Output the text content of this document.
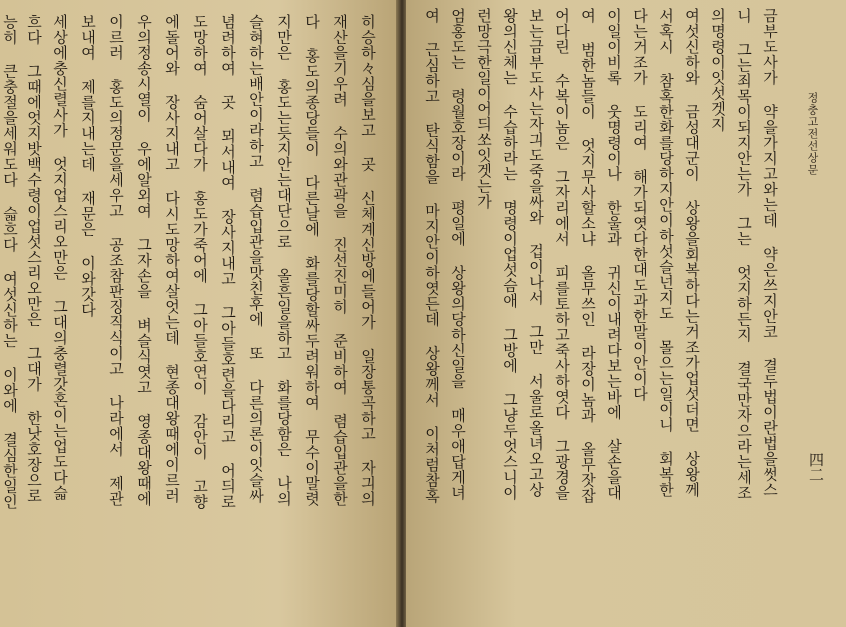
히승하々심을보고 곳 신체계신방에들어가 일장통곡하고 자긔의
재산을기우려 수의와관곽을 진선진미히 준비하여 렴습입관을한
다 홍도의종당들이 다른날에 화를당할싸두려워하여 무수이말렷
지만은 홍도는듯지안는대단으로 올흔일을하고 화를당함은 나의
슬혀하는배안이라하고 렴습입관을맛친후에 또 다른의론이잇슬싸
념려하여 곳 뫼서내여 장사지내고 그아들호련을다리고 어듸로
도망하여 숨어살다가 홍도가죽어에 그아들호연이 감안이 고향
에돌어와 장사지내고 다시도망하여살엇는데 현종대왕때에이르러
우의정송시열이 우에알외여 그자손을 벼슬식엿고 영종대왕때에
이르러 홍도의정문을세우고 공조참판징직식이고 나라에서 제관
보내여 제를지내는데 재문은 이와갓다
세상에충신렬사가 엇지업스리오만은 그대의충렬갓혼이는업도다슯
흐다 그때에엇지밧백수령이업섯스리오만은 그대가 한낫호장으로
능히 큰충절을세워도다 슯흐다 여섯신하는 이와에 결심한일인	정충고전선상문
四二
금부도사가 약을가지고와는데 약은쓰지안코 결두법이란법을썻스
니 그는죄목이되지안는가 그는 엇지하든지 결국만자으라는세조
의명령이잇섯겟지
여섯신하와 금성대군이 상왕을회복하다는거조가업섯더면 상왕께
서혹시 참혹한화를당하지안이하섯슬넌지도 몰으는일이니 회복한
다는거조가 도리여 해가되엿다한대도과한말이안이다
이일이비록 웃명령이나 한울과 귀신이내려다보는바에 살손을대
여 범한놈들이 엇지무사할소냐 올무쓰인 라장이놈과 올무잣잡
어다린 수복이놈은 그자리에서 피를토하고죽사하엿다 그광경을
보는금부도사는자긔도죽을싸와 겁이나서 그만 서울로올녀오고상
왕의신체는 수습하라는 명령이업섯슴애 그방에 그냥두엇스니이
런망극한일이어듸쏘잇겟는가
엄홍도는 령월호장이라 평일에 상왕의당하신일을 매우애답게녀
여 근심하고 탄식함을 마지안이하엿든데 상왕께서 이처럼참혹
